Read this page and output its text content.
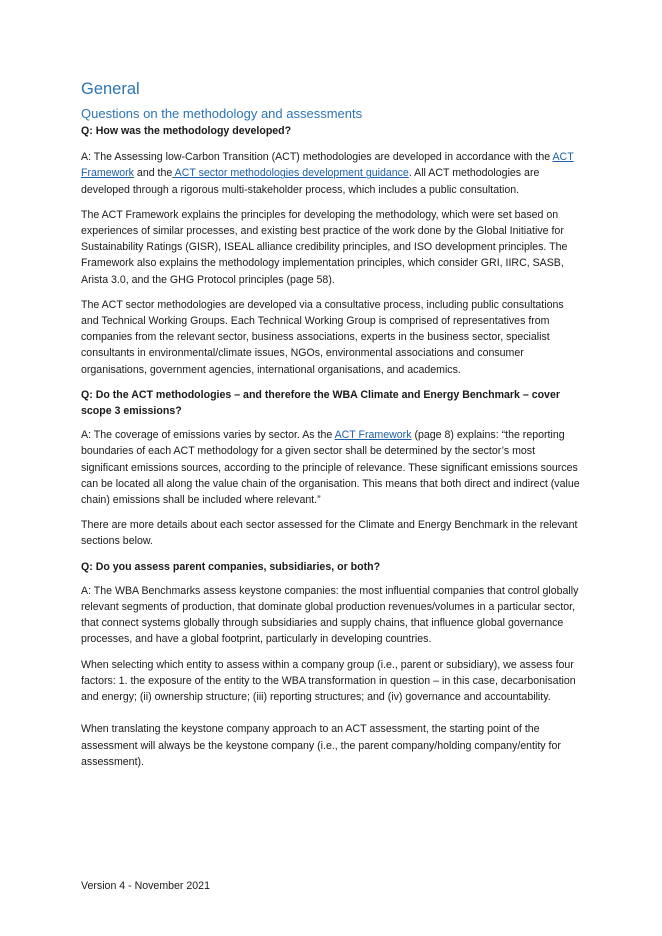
General
Questions on the methodology and assessments

Q: How was the methodology developed?

A: The Assessing low-Carbon Transition (ACT) methodologies are developed in accordance with the ACT Framework and the ACT sector methodologies development guidance. All ACT methodologies are developed through a rigorous multi-stakeholder process, which includes a public consultation.

The ACT Framework explains the principles for developing the methodology, which were set based on experiences of similar processes, and existing best practice of the work done by the Global Initiative for Sustainability Ratings (GISR), ISEAL alliance credibility principles, and ISO development principles. The Framework also explains the methodology implementation principles, which consider GRI, IIRC, SASB, Arista 3.0, and the GHG Protocol principles (page 58).

The ACT sector methodologies are developed via a consultative process, including public consultations and Technical Working Groups. Each Technical Working Group is comprised of representatives from companies from the relevant sector, business associations, experts in the business sector, specialist consultants in environmental/climate issues, NGOs, environmental associations and consumer organisations, government agencies, international organisations, and academics.

Q: Do the ACT methodologies – and therefore the WBA Climate and Energy Benchmark – cover scope 3 emissions?

A: The coverage of emissions varies by sector. As the ACT Framework (page 8) explains: “the reporting boundaries of each ACT methodology for a given sector shall be determined by the sector’s most significant emissions sources, according to the principle of relevance. These significant emissions sources can be located all along the value chain of the organisation. This means that both direct and indirect (value chain) emissions shall be included where relevant.”

There are more details about each sector assessed for the Climate and Energy Benchmark in the relevant sections below.

Q: Do you assess parent companies, subsidiaries, or both?

A: The WBA Benchmarks assess keystone companies: the most influential companies that control globally relevant segments of production, that dominate global production revenues/volumes in a particular sector, that connect systems globally through subsidiaries and supply chains, that influence global governance processes, and have a global footprint, particularly in developing countries.

When selecting which entity to assess within a company group (i.e., parent or subsidiary), we assess four factors: 1. the exposure of the entity to the WBA transformation in question – in this case, decarbonisation and energy; (ii) ownership structure; (iii) reporting structures; and (iv) governance and accountability.

When translating the keystone company approach to an ACT assessment, the starting point of the assessment will always be the keystone company (i.e., the parent company/holding company/entity for assessment).

Version 4 - November 2021
